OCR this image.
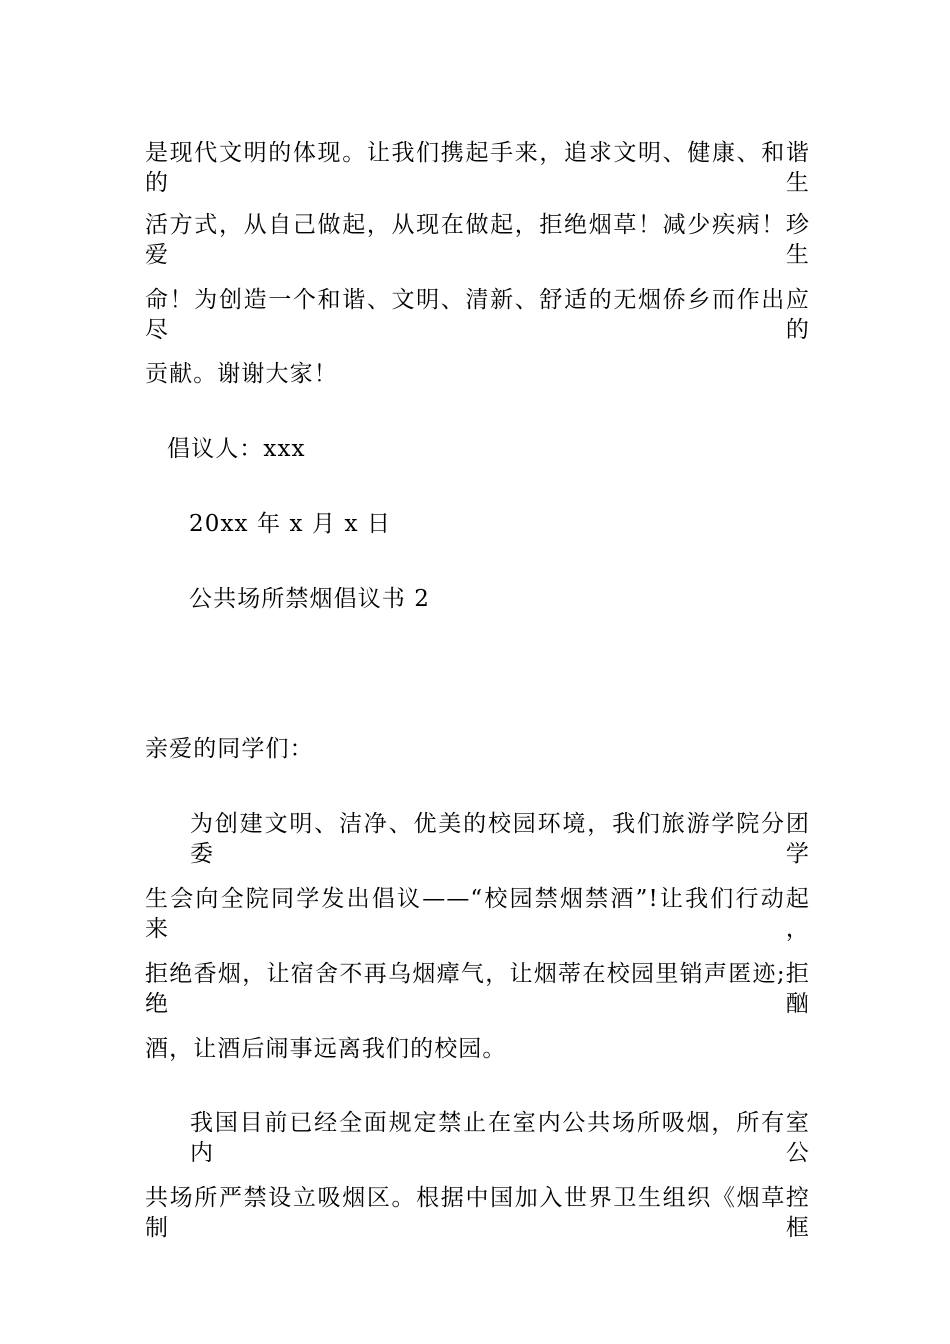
是现代文明的体现。让我们携起手来，追求文明、健康、和谐的生
活方式，从自己做起，从现在做起，拒绝烟草！减少疾病！珍爱生
命！为创造一个和谐、文明、清新、舒适的无烟侨乡而作出应尽的
贡献。谢谢大家！
倡议人：xxx
20xx 年 x 月 x 日
公共场所禁烟倡议书 2
亲爱的同学们：
为创建文明、洁净、优美的校园环境，我们旅游学院分团委学
生会向全院同学发出倡议——“校园禁烟禁酒”!让我们行动起来，
拒绝香烟，让宿舍不再乌烟瘴气，让烟蒂在校园里销声匿迹;拒绝酗
酒，让酒后闹事远离我们的校园。
我国目前已经全面规定禁止在室内公共场所吸烟，所有室内公
共场所严禁设立吸烟区。根据中国加入世界卫生组织《烟草控制框
